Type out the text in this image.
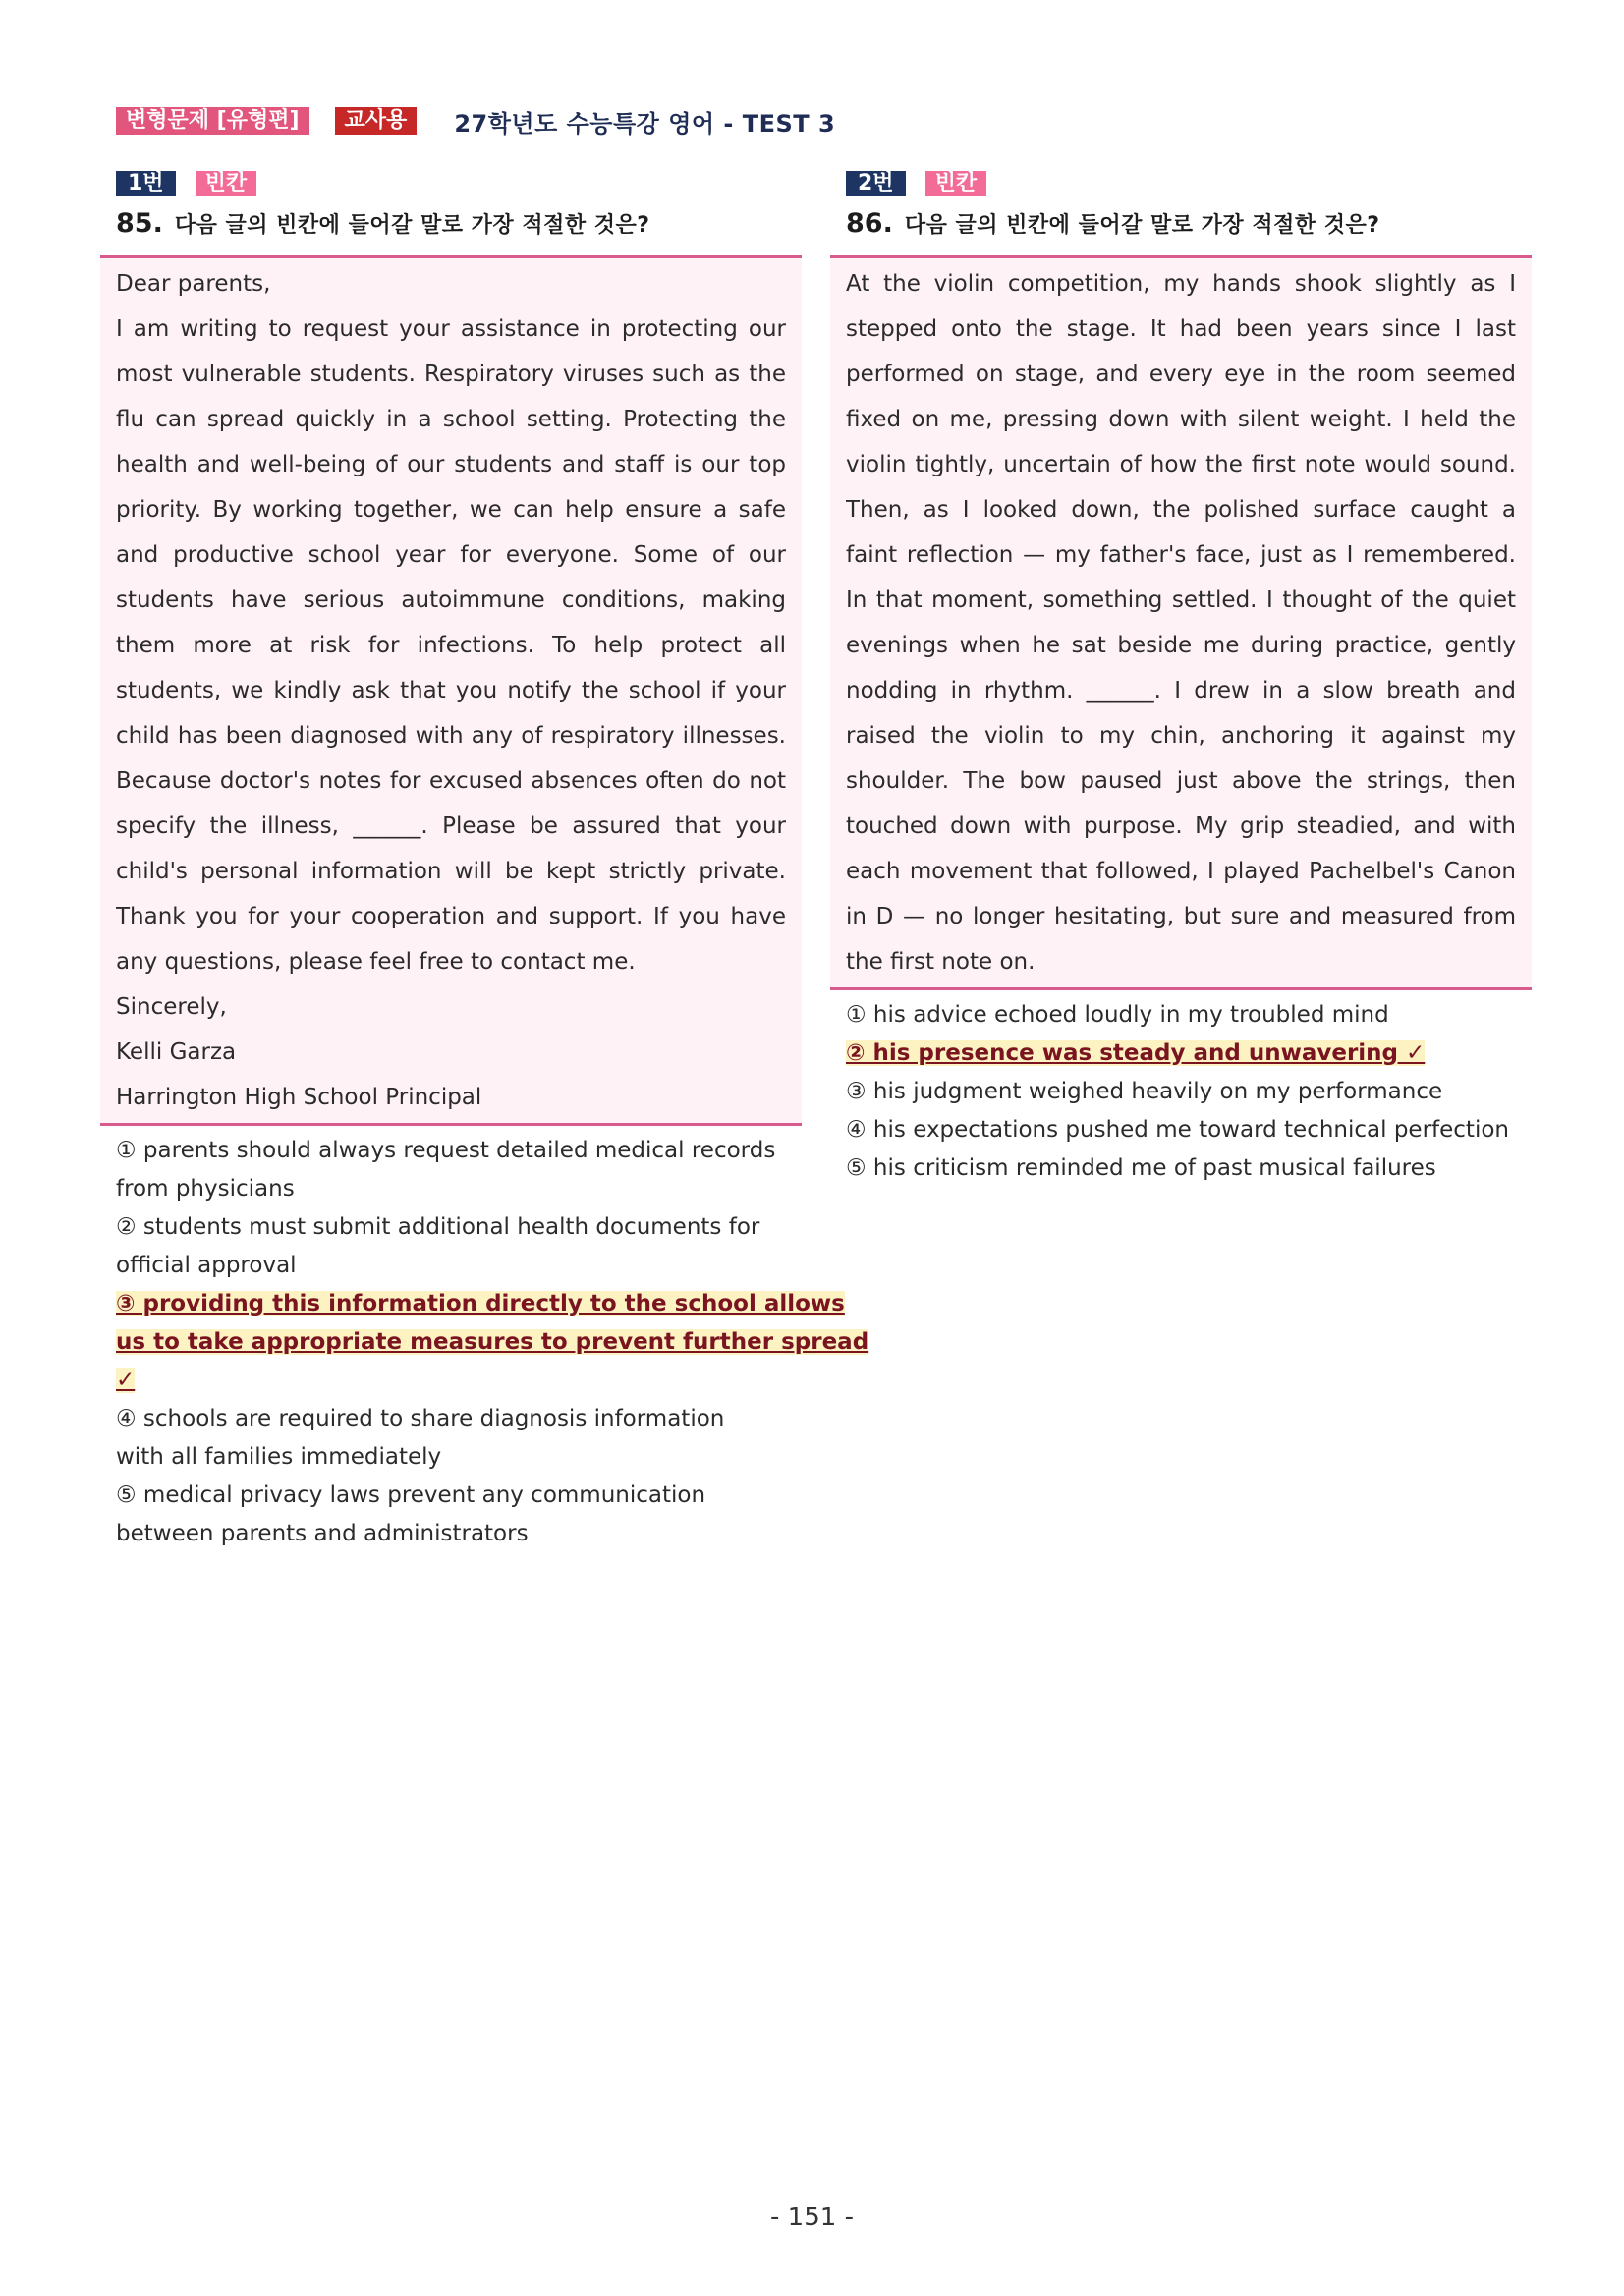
변형문제 [유형편]	교사용	27학년도 수능특강 영어 - TEST 3
1번	빈칸
85. 다음 글의 빈칸에 들어갈 말로 가장 적절한 것은?
Dear parents,
I am writing to request your assistance in protecting our
most vulnerable students. Respiratory viruses such as the
flu can spread quickly in a school setting. Protecting the
health and well-being of our students and staff is our top
priority. By working together, we can help ensure a safe
and productive school year for everyone. Some of our
students have serious autoimmune conditions, making
them more at risk for infections. To help protect all
students, we kindly ask that you notify the school if your
child has been diagnosed with any of respiratory illnesses.
Because doctor's notes for excused absences often do not
specify the illness, ______. Please be assured that your
child's personal information will be kept strictly private.
Thank you for your cooperation and support. If you have
any questions, please feel free to contact me.
Sincerely,
Kelli Garza
Harrington High School Principal
① parents should always request detailed medical records
from physicians
② students must submit additional health documents for
official approval
③ providing this information directly to the school allows
us to take appropriate measures to prevent further spread
✓
④ schools are required to share diagnosis information
with all families immediately
⑤ medical privacy laws prevent any communication
between parents and administrators
2번	빈칸
86. 다음 글의 빈칸에 들어갈 말로 가장 적절한 것은?
At the violin competition, my hands shook slightly as I
stepped onto the stage. It had been years since I last
performed on stage, and every eye in the room seemed
fixed on me, pressing down with silent weight. I held the
violin tightly, uncertain of how the first note would sound.
Then, as I looked down, the polished surface caught a
faint reflection — my father's face, just as I remembered.
In that moment, something settled. I thought of the quiet
evenings when he sat beside me during practice, gently
nodding in rhythm. ______. I drew in a slow breath and
raised the violin to my chin, anchoring it against my
shoulder. The bow paused just above the strings, then
touched down with purpose. My grip steadied, and with
each movement that followed, I played Pachelbel's Canon
in D — no longer hesitating, but sure and measured from
the first note on.
① his advice echoed loudly in my troubled mind
② his presence was steady and unwavering ✓
③ his judgment weighed heavily on my performance
④ his expectations pushed me toward technical perfection
⑤ his criticism reminded me of past musical failures
- 151 -
